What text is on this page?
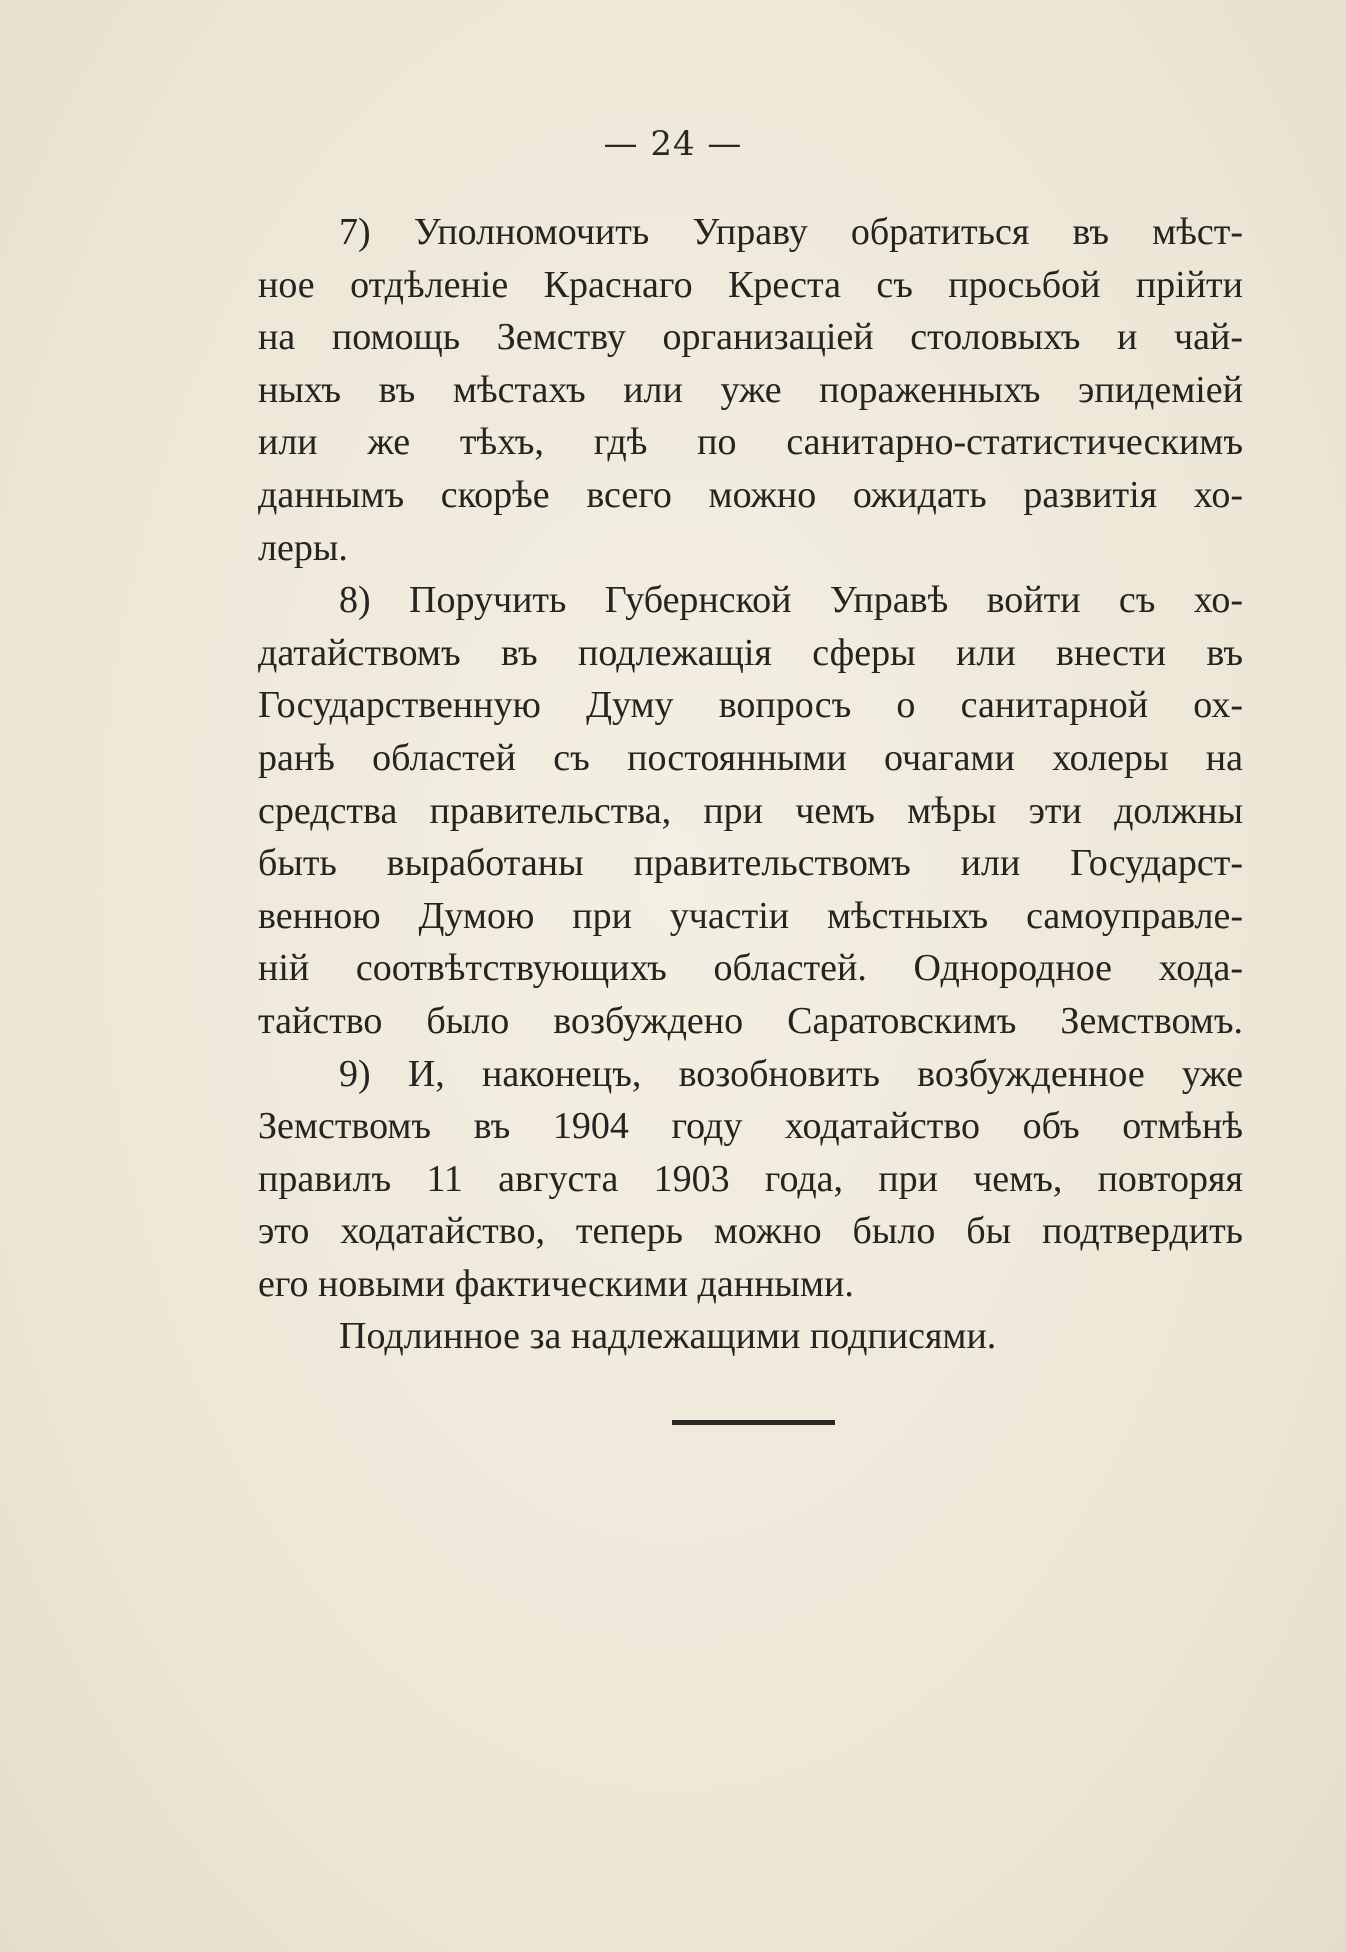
— 24 —
7) Уполномочить Управу обратиться въ мѣст-
ное отдѣленіе Краснаго Креста съ просьбой прійти
на помощь Земству организаціей столовыхъ и чай-
ныхъ въ мѣстахъ или уже пораженныхъ эпидеміей
или же тѣхъ, гдѣ по санитарно-статистическимъ
даннымъ скорѣе всего можно ожидать развитія хо-
леры.
8) Поручить Губернской Управѣ войти съ хо-
датайствомъ въ подлежащія сферы или внести въ
Государственную Думу вопросъ о санитарной ох-
ранѣ областей съ постоянными очагами холеры на
средства правительства, при чемъ мѣры эти должны
быть выработаны правительствомъ или Государст-
венною Думою при участіи мѣстныхъ самоуправле-
ній соотвѣтствующихъ областей. Однородное хода-
тайство было возбуждено Саратовскимъ Земствомъ.
9) И, наконецъ, возобновить возбужденное уже
Земствомъ въ 1904 году ходатайство объ отмѣнѣ
правилъ 11 августа 1903 года, при чемъ, повторяя
это ходатайство, теперь можно было бы подтвердить
его новыми фактическими данными.
Подлинное за надлежащими подписями.
